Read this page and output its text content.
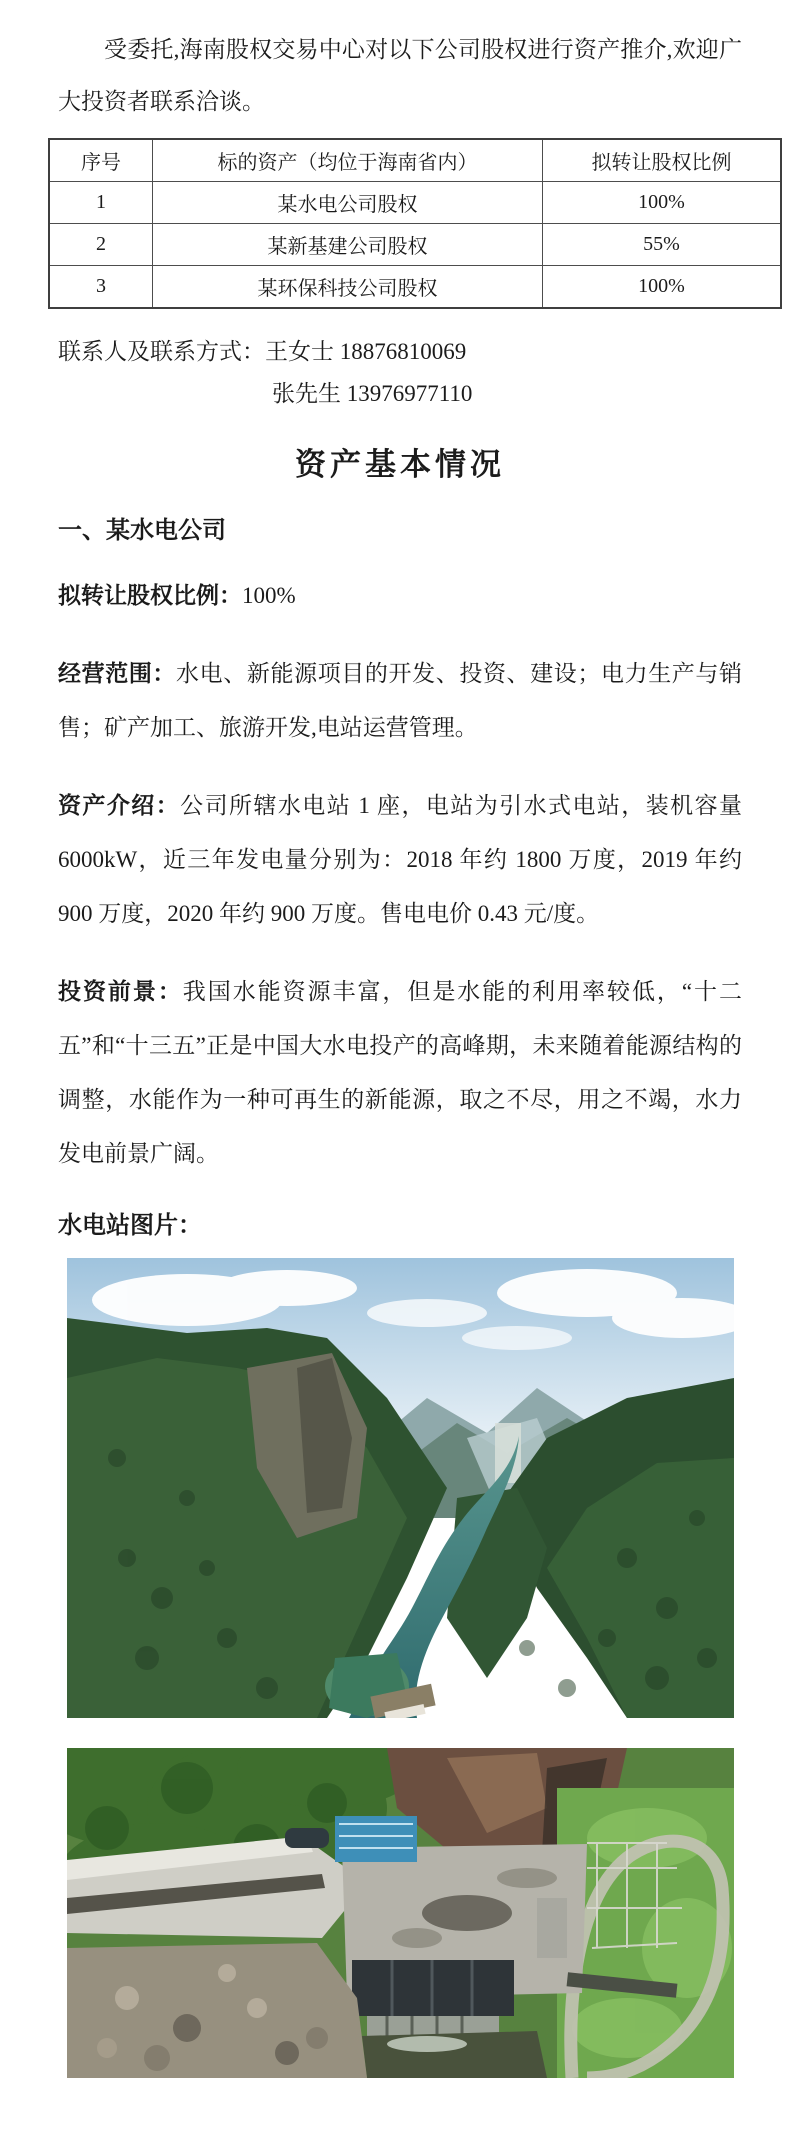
受委托,海南股权交易中心对以下公司股权进行资产推介,欢迎广大投资者联系洽谈。

序号	标的资产（均位于海南省内）	拟转让股权比例
1	某水电公司股权	100%
2	某新基建公司股权	55%
3	某环保科技公司股权	100%
联系人及联系方式：王女士 18876810069
张先生 13976977110
资产基本情况
一、某水电公司

拟转让股权比例：100%

经营范围：水电、新能源项目的开发、投资、建设；电力生产与销售；矿产加工、旅游开发,电站运营管理。

资产介绍：公司所辖水电站 1 座，电站为引水式电站，装机容量 6000kW，近三年发电量分别为：2018 年约 1800 万度，2019 年约 900 万度，2020 年约 900 万度。售电电价 0.43 元/度。

投资前景：我国水能资源丰富，但是水能的利用率较低，“十二五”和“十三五”正是中国大水电投产的高峰期，未来随着能源结构的调整，水能作为一种可再生的新能源，取之不尽，用之不竭，水力发电前景广阔。

水电站图片：
